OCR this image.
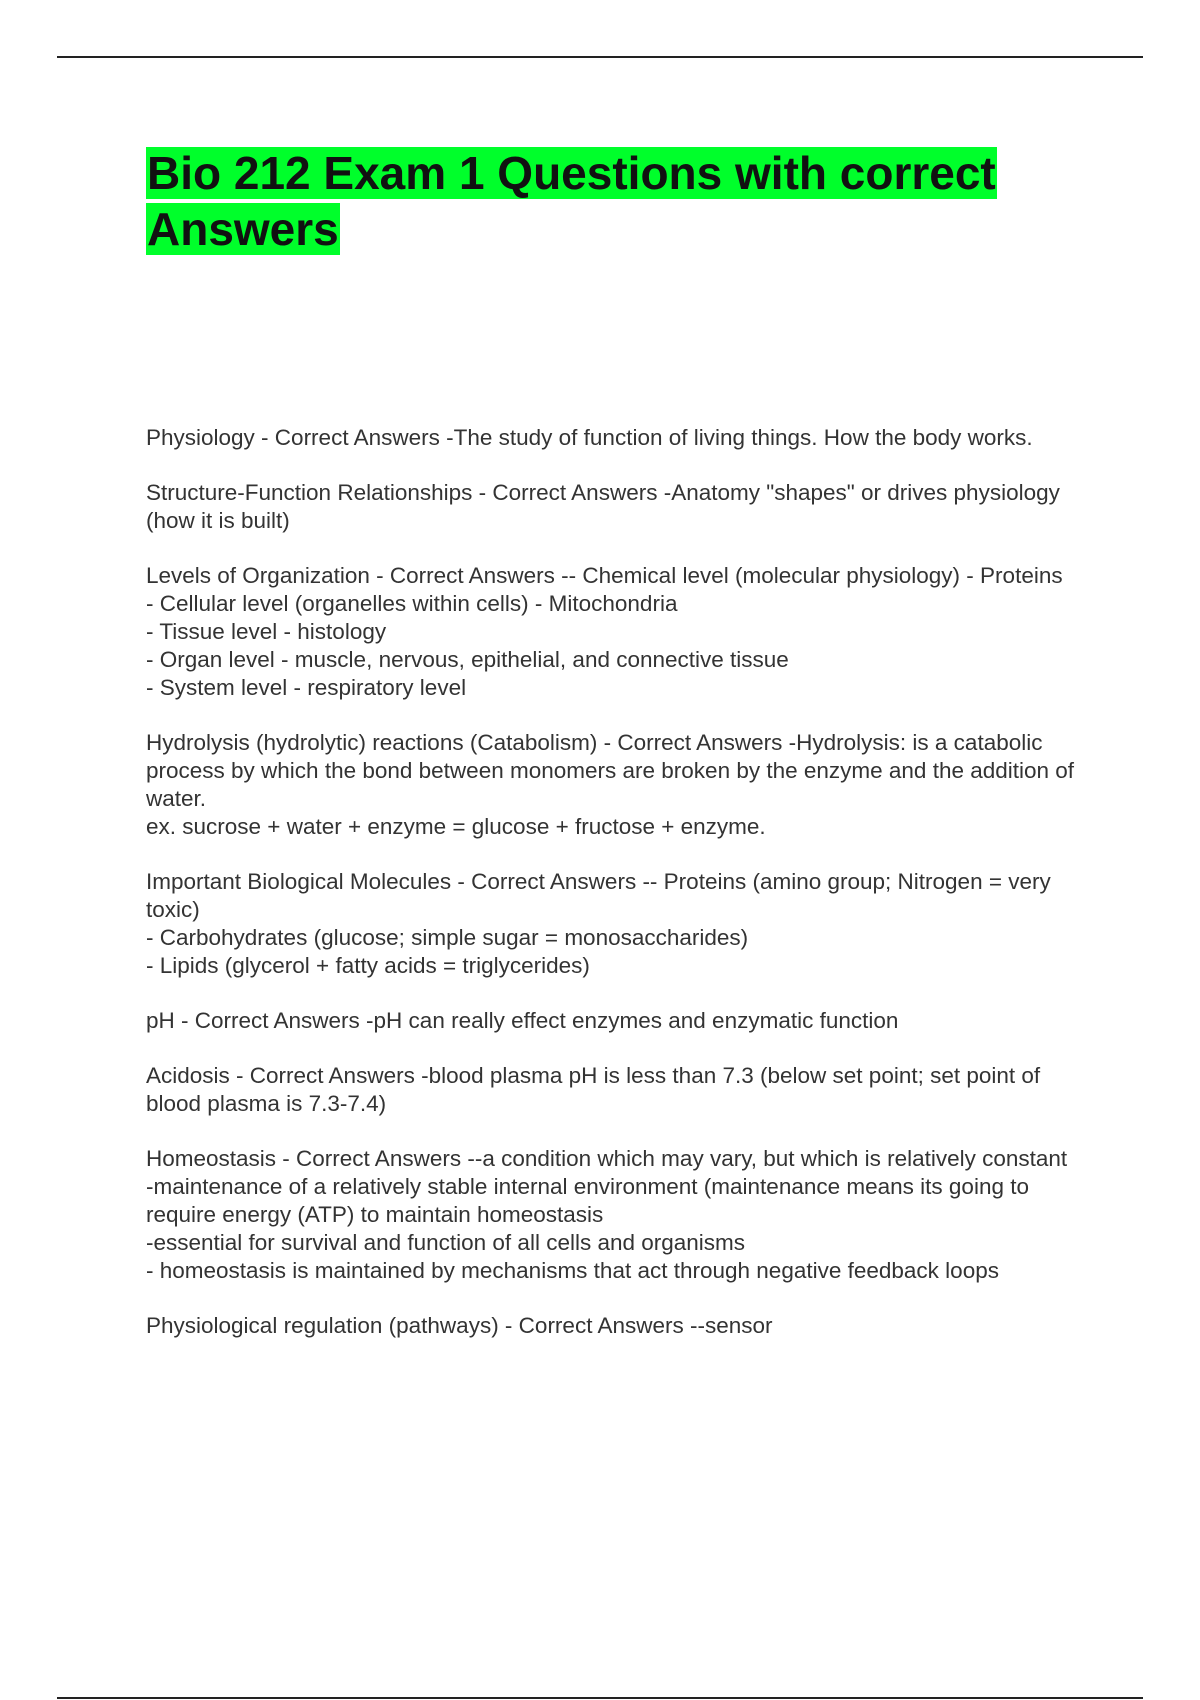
Bio 212 Exam 1 Questions with correct Answers
Physiology - Correct Answers -The study of function of living things. How the body works.
Structure-Function Relationships - Correct Answers -Anatomy "shapes" or drives physiology (how it is built)
Levels of Organization - Correct Answers -- Chemical level (molecular physiology) - Proteins
- Cellular level (organelles within cells) - Mitochondria
- Tissue level - histology
- Organ level - muscle, nervous, epithelial, and connective tissue
- System level - respiratory level
Hydrolysis (hydrolytic) reactions (Catabolism) - Correct Answers -Hydrolysis: is a catabolic process by which the bond between monomers are broken by the enzyme and the addition of water.
ex. sucrose + water + enzyme = glucose + fructose + enzyme.
Important Biological Molecules - Correct Answers -- Proteins (amino group; Nitrogen = very toxic)
- Carbohydrates (glucose; simple sugar = monosaccharides)
- Lipids (glycerol + fatty acids = triglycerides)
pH - Correct Answers -pH can really effect enzymes and enzymatic function
Acidosis - Correct Answers -blood plasma pH is less than 7.3 (below set point; set point of blood plasma is 7.3-7.4)
Homeostasis - Correct Answers --a condition which may vary, but which is relatively constant
-maintenance of a relatively stable internal environment (maintenance means its going to require energy (ATP) to maintain homeostasis
-essential for survival and function of all cells and organisms
- homeostasis is maintained by mechanisms that act through negative feedback loops
Physiological regulation (pathways) - Correct Answers --sensor
